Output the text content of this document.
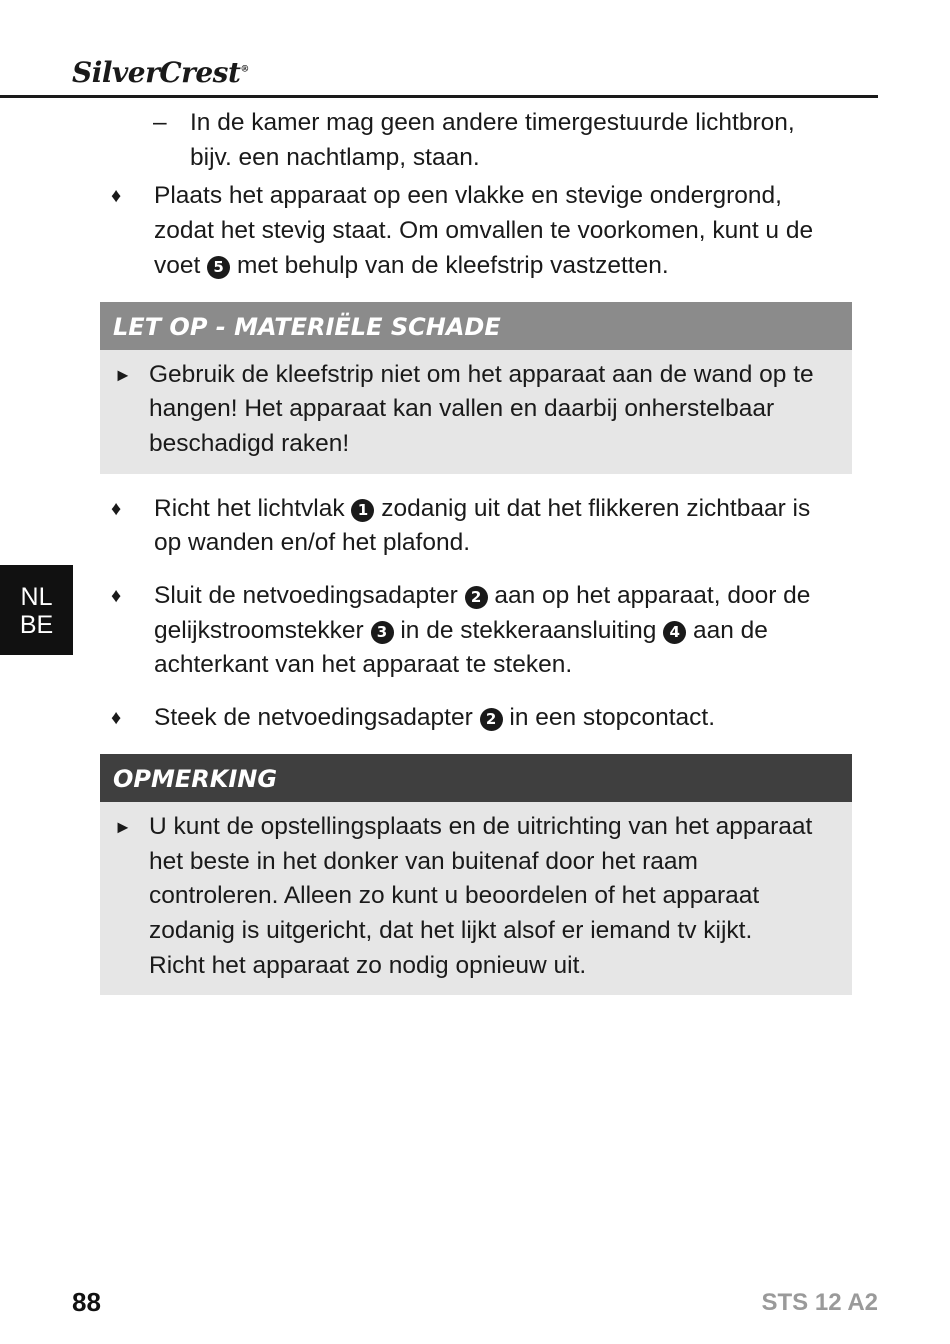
SilverCrest®
NL
BE
– In de kamer mag geen andere timergestuurde lichtbron, bijv. een nachtlamp, staan.
♦ Plaats het apparaat op een vlakke en stevige ondergrond, zodat het stevig staat. Om omvallen te voorkomen, kunt u de voet 5 met behulp van de kleefstrip vastzetten.
LET OP - MATERIËLE SCHADE
► Gebruik de kleefstrip niet om het apparaat aan de wand op te hangen! Het apparaat kan vallen en daarbij onherstelbaar beschadigd raken!
♦ Richt het lichtvlak 1 zodanig uit dat het flikkeren zichtbaar is op wanden en/of het plafond.
♦ Sluit de netvoedingsadapter 2 aan op het apparaat, door de gelijkstroomstekker 3 in de stekkeraansluiting 4 aan de achterkant van het apparaat te steken.
♦ Steek de netvoedingsadapter 2 in een stopcontact.
OPMERKING
► U kunt de opstellingsplaats en de uitrichting van het apparaat het beste in het donker van buitenaf door het raam controleren. Alleen zo kunt u beoordelen of het apparaat zodanig is uitgericht, dat het lijkt alsof er iemand tv kijkt.
Richt het apparaat zo nodig opnieuw uit.
88	STS 12 A2
